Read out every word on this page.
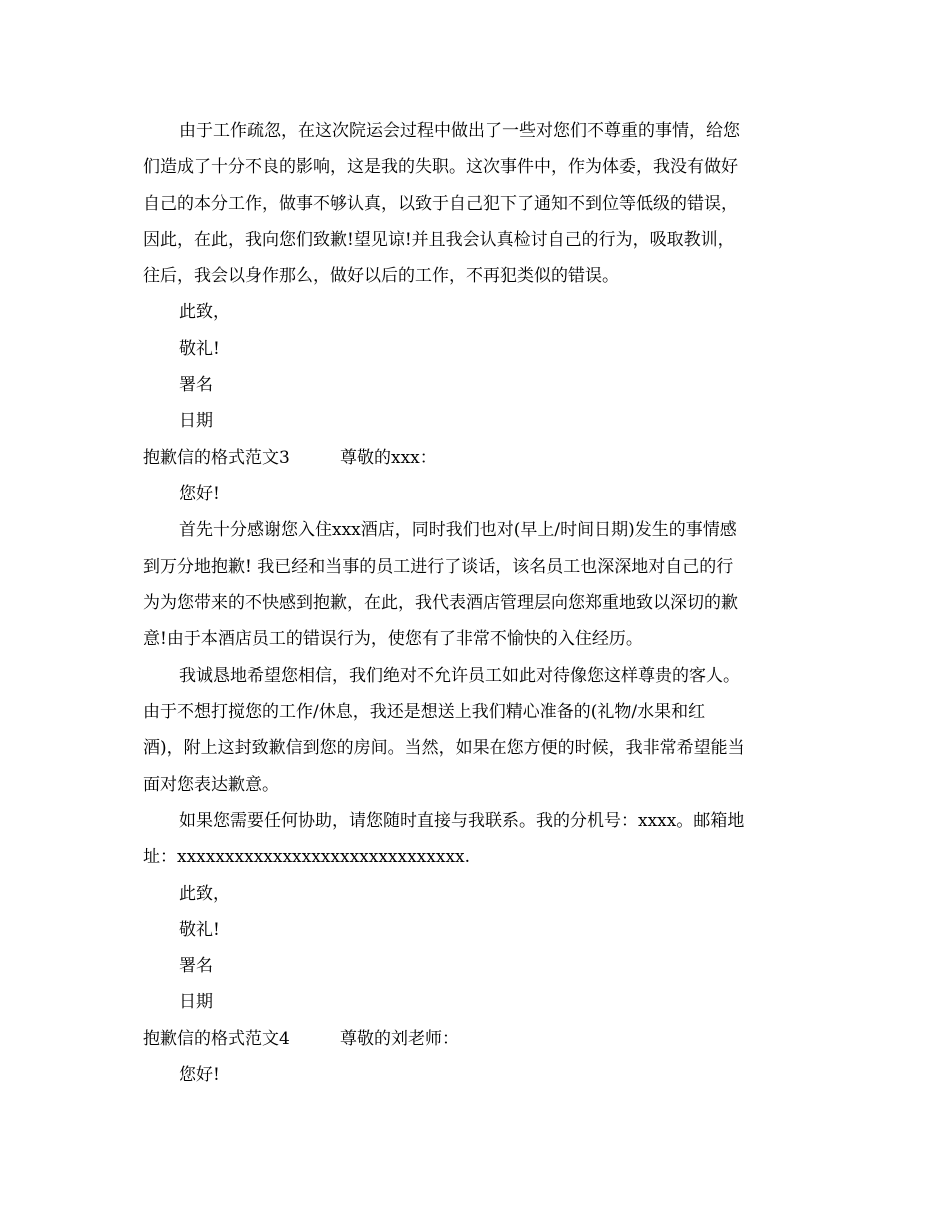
由于工作疏忽，在这次院运会过程中做出了一些对您们不尊重的事情，给您
们造成了十分不良的影响，这是我的失职。这次事件中，作为体委，我没有做好
自己的本分工作，做事不够认真，以致于自己犯下了通知不到位等低级的错误，
因此，在此，我向您们致歉!望见谅!并且我会认真检讨自己的行为，吸取教训，
往后，我会以身作那么，做好以后的工作，不再犯类似的错误。
此致，
敬礼!
署名
日期
抱歉信的格式范文3	尊敬的xxx：
您好!
首先十分感谢您入住xxx酒店，同时我们也对(早上/时间日期)发生的事情感
到万分地抱歉! 我已经和当事的员工进行了谈话，该名员工也深深地对自己的行
为为您带来的不快感到抱歉，在此，我代表酒店管理层向您郑重地致以深切的歉
意!由于本酒店员工的错误行为，使您有了非常不愉快的入住经历。
我诚恳地希望您相信，我们绝对不允许员工如此对待像您这样尊贵的客人。
由于不想打搅您的工作/休息，我还是想送上我们精心准备的(礼物/水果和红
酒)，附上这封致歉信到您的房间。当然，如果在您方便的时候，我非常希望能当
面对您表达歉意。
如果您需要任何协助，请您随时直接与我联系。我的分机号：xxxx。邮箱地
址：xxxxxxxxxxxxxxxxxxxxxxxxxxxxxx.
此致，
敬礼!
署名
日期
抱歉信的格式范文4	尊敬的刘老师：
您好!
